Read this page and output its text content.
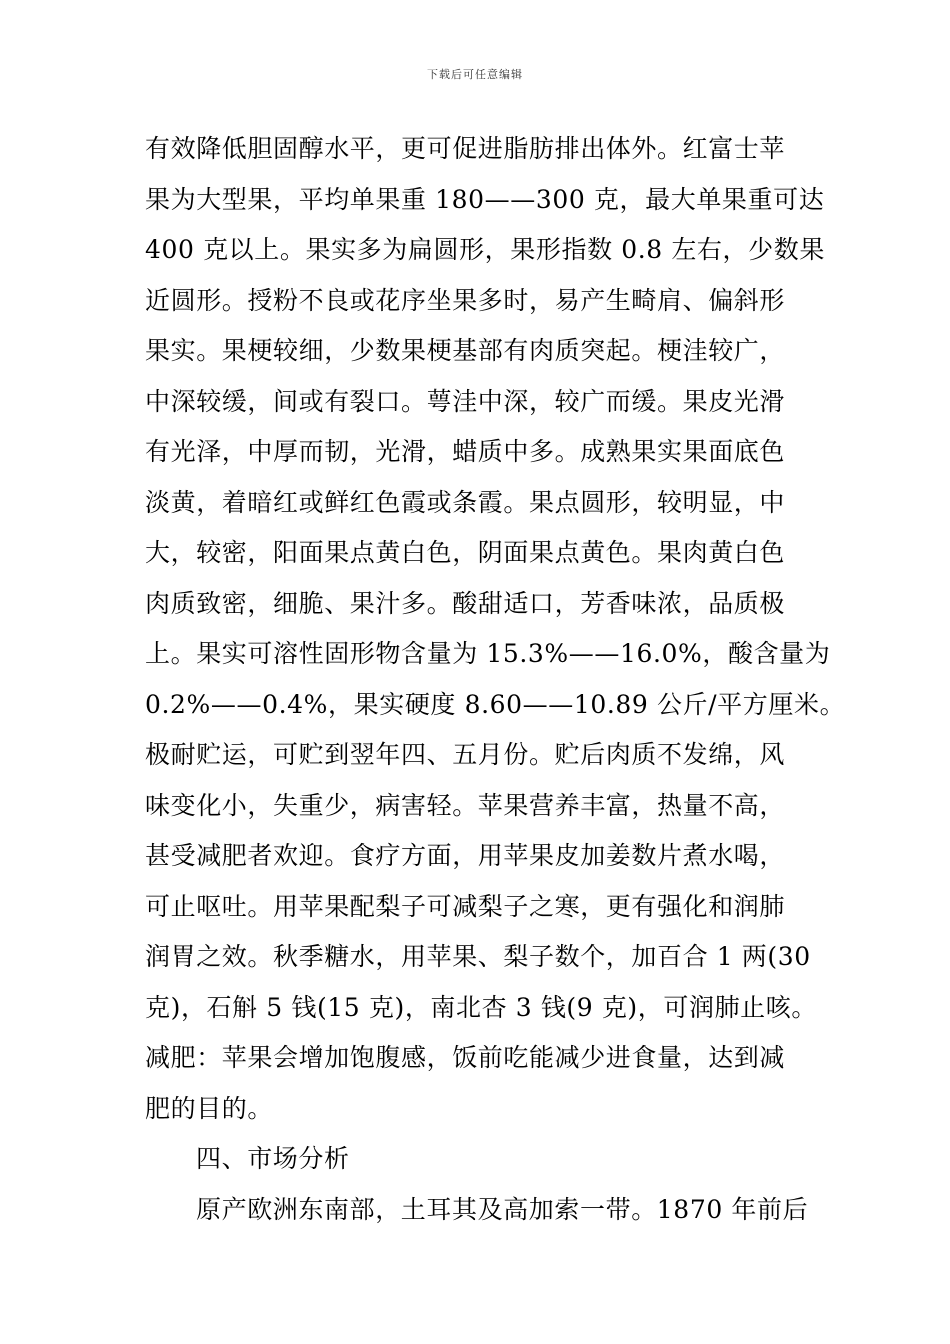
下载后可任意编辑
有效降低胆固醇水平，更可促进脂肪排出体外。红富士苹
果为大型果，平均单果重 180——300 克，最大单果重可达
400 克以上。果实多为扁圆形，果形指数 0.8 左右，少数果
近圆形。授粉不良或花序坐果多时，易产生畸肩、偏斜形
果实。果梗较细，少数果梗基部有肉质突起。梗洼较广，
中深较缓，间或有裂口。萼洼中深，较广而缓。果皮光滑
有光泽，中厚而韧，光滑，蜡质中多。成熟果实果面底色
淡黄，着暗红或鲜红色霞或条霞。果点圆形，较明显，中
大，较密，阳面果点黄白色，阴面果点黄色。果肉黄白色
肉质致密，细脆、果汁多。酸甜适口，芳香味浓，品质极
上。果实可溶性固形物含量为 15.3%——16.0%，酸含量为
0.2%——0.4%，果实硬度 8.60——10.89 公斤/平方厘米。
极耐贮运，可贮到翌年四、五月份。贮后肉质不发绵，风
味变化小，失重少，病害轻。苹果营养丰富，热量不高，
甚受减肥者欢迎。食疗方面，用苹果皮加姜数片煮水喝，
可止呕吐。用苹果配梨子可减梨子之寒，更有强化和润肺
润胃之效。秋季糖水，用苹果、梨子数个，加百合 1 两(30
克)，石斛 5 钱(15 克)，南北杏 3 钱(9 克)，可润肺止咳。
减肥：苹果会增加饱腹感，饭前吃能减少进食量，达到减
肥的目的。
四、市场分析
原产欧洲东南部，土耳其及高加索一带。1870 年前后
